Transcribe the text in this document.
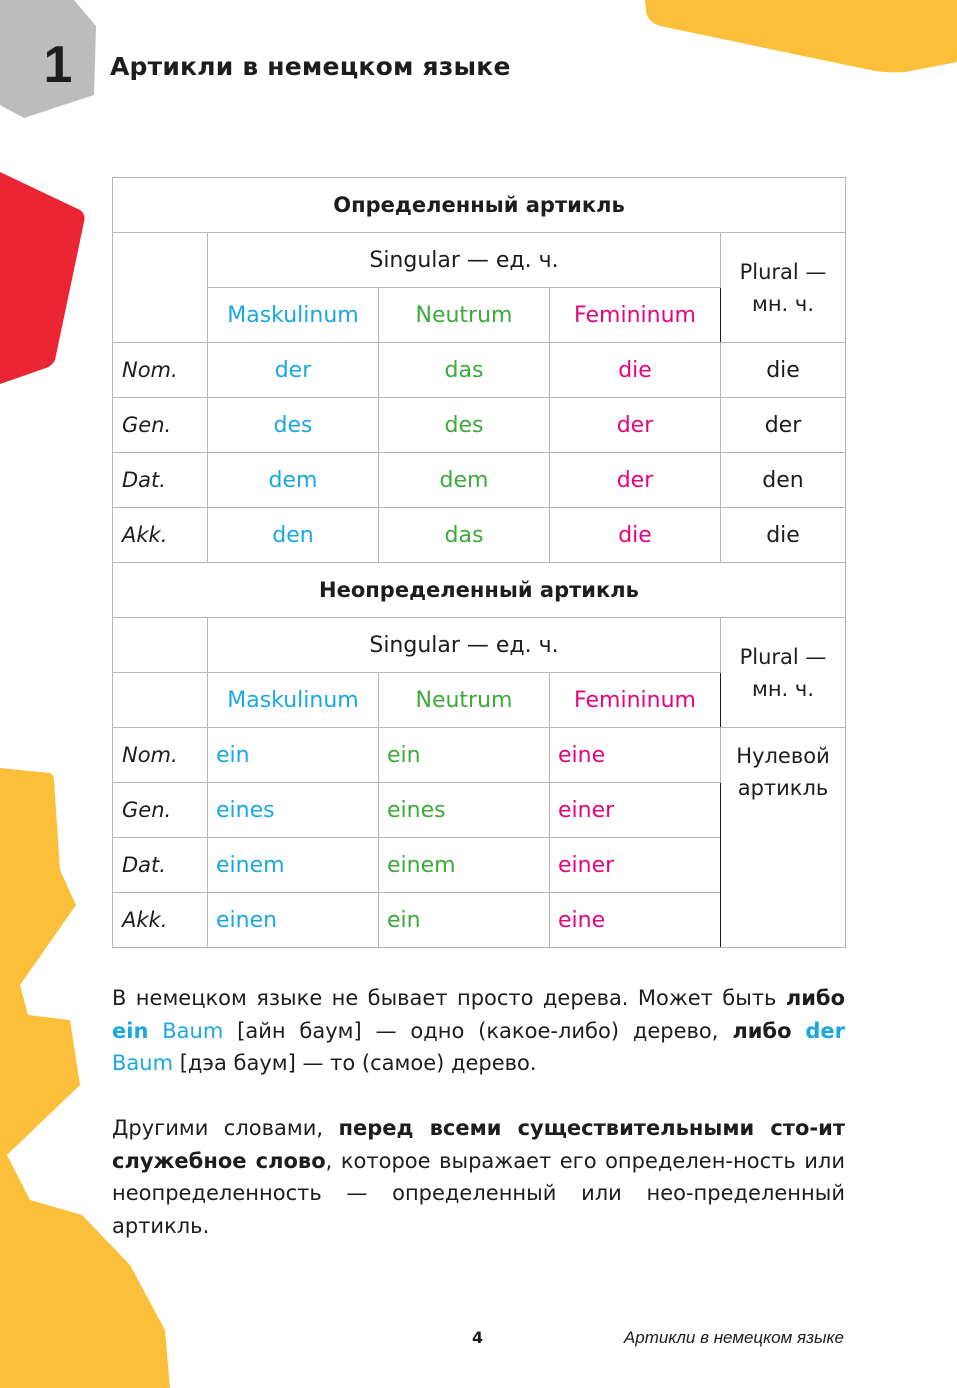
1	Артикли в немецком языке
Определенный артикль				
	Singular — ед. ч.			Plural —
мн. ч.
	Maskulinum	Neutrum	Femininum	
Nom.	der	das	die	die
Gen.	des	des	der	der
Dat.	dem	dem	der	den
Akk.	den	das	die	die
Неопределенный артикль				
	Singular — ед. ч.			Plural —
мн. ч.
	Maskulinum	Neutrum	Femininum	
Nom.	ein	ein	eine	Нулевой
артикль
Gen.	eines	eines	einer	
Dat.	einem	einem	einer	
Akk.	einen	ein	eine	

В немецком языке не бывает просто дерева. Может быть либо ein Baum [айн баум] — одно (какое-либо) дерево, либо der Baum [дэа баум] — то (самое) дерево.

Другими словами, перед всеми существительными сто-ит служебное слово, которое выражает его определен-ность или неопределенность — определенный или нео-пределенный артикль.

4	Артикли в немецком языке
